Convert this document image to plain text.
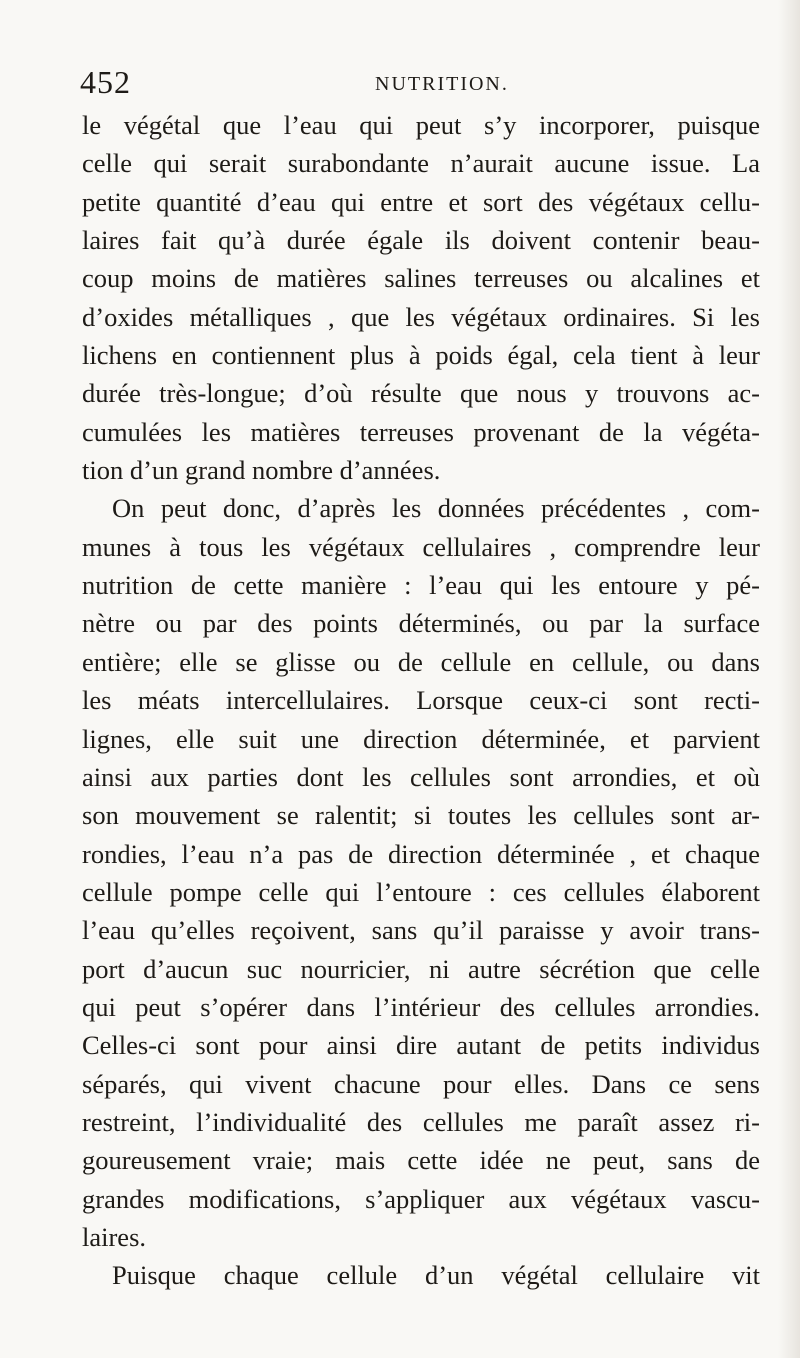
452	NUTRITION.
le végétal que l’eau qui peut s’y incorporer, puisque
celle qui serait surabondante n’aurait aucune issue. La
petite quantité d’eau qui entre et sort des végétaux cellu-
laires fait qu’à durée égale ils doivent contenir beau-
coup moins de matières salines terreuses ou alcalines et
d’oxides métalliques , que les végétaux ordinaires. Si les
lichens en contiennent plus à poids égal, cela tient à leur
durée très-longue; d’où résulte que nous y trouvons ac-
cumulées les matières terreuses provenant de la végéta-
tion d’un grand nombre d’années.
On peut donc, d’après les données précédentes , com-
munes à tous les végétaux cellulaires , comprendre leur
nutrition de cette manière : l’eau qui les entoure y pé-
nètre ou par des points déterminés, ou par la surface
entière; elle se glisse ou de cellule en cellule, ou dans
les méats intercellulaires. Lorsque ceux-ci sont recti-
lignes, elle suit une direction déterminée, et parvient
ainsi aux parties dont les cellules sont arrondies, et où
son mouvement se ralentit; si toutes les cellules sont ar-
rondies, l’eau n’a pas de direction déterminée , et chaque
cellule pompe celle qui l’entoure : ces cellules élaborent
l’eau qu’elles reçoivent, sans qu’il paraisse y avoir trans-
port d’aucun suc nourricier, ni autre sécrétion que celle
qui peut s’opérer dans l’intérieur des cellules arrondies.
Celles-ci sont pour ainsi dire autant de petits individus
séparés, qui vivent chacune pour elles. Dans ce sens
restreint, l’individualité des cellules me paraît assez ri-
goureusement vraie; mais cette idée ne peut, sans de
grandes modifications, s’appliquer aux végétaux vascu-
laires.
Puisque chaque cellule d’un végétal cellulaire vit
